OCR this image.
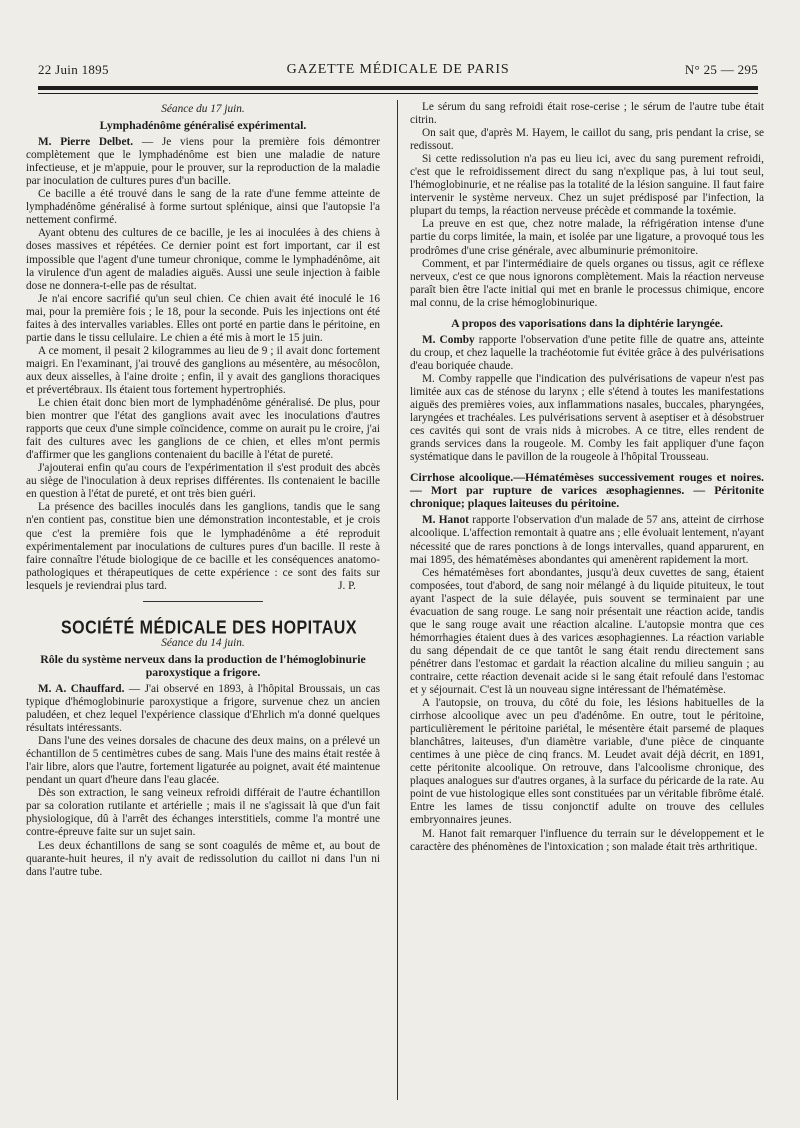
22 Juin 1895	GAZETTE MÉDICALE DE PARIS	N° 25 — 295

Séance du 17 juin.

Lymphadénôme généralisé expérimental.

M. Pierre Delbet. — Je viens pour la première fois démontrer complètement que le lymphadénôme est bien une maladie de nature infectieuse, et je m'appuie, pour le prouver, sur la reproduction de la maladie par inoculation de cultures pures d'un bacille.

Ce bacille a été trouvé dans le sang de la rate d'une femme atteinte de lymphadénôme généralisé à forme surtout splénique, ainsi que l'autopsie l'a nettement confirmé.

Ayant obtenu des cultures de ce bacille, je les ai inoculées à des chiens à doses massives et répétées. Ce dernier point est fort important, car il est impossible que l'agent d'une tumeur chronique, comme le lymphadénôme, ait la virulence d'un agent de maladies aiguës. Aussi une seule injection à faible dose ne donnera-t-elle pas de résultat.

Je n'ai encore sacrifié qu'un seul chien. Ce chien avait été inoculé le 16 mai, pour la première fois ; le 18, pour la seconde. Puis les injections ont été faites à des intervalles variables. Elles ont porté en partie dans le péritoine, en partie dans le tissu cellulaire. Le chien a été mis à mort le 15 juin.

A ce moment, il pesait 2 kilogrammes au lieu de 9 ; il avait donc fortement maigri. En l'examinant, j'ai trouvé des ganglions au mésentère, au mésocôlon, aux deux aisselles, à l'aine droite ; enfin, il y avait des ganglions thoraciques et prévertébraux. Ils étaient tous fortement hypertrophiés.

Le chien était donc bien mort de lymphadénôme généralisé. De plus, pour bien montrer que l'état des ganglions avait avec les inoculations d'autres rapports que ceux d'une simple coïncidence, comme on aurait pu le croire, j'ai fait des cultures avec les ganglions de ce chien, et elles m'ont permis d'affirmer que les ganglions contenaient du bacille à l'état de pureté.

J'ajouterai enfin qu'au cours de l'expérimentation il s'est produit des abcès au siège de l'inoculation à deux reprises différentes. Ils contenaient le bacille en question à l'état de pureté, et ont très bien guéri.

La présence des bacilles inoculés dans les ganglions, tandis que le sang n'en contient pas, constitue bien une démonstration incontestable, et je crois que c'est la première fois que le lymphadénôme a été reproduit expérimentalement par inoculations de cultures pures d'un bacille. Il reste à faire connaître l'étude biologique de ce bacille et les conséquences anatomo-pathologiques et thérapeutiques de cette expérience : ce sont des faits sur lesquels je reviendrai plus tard.	J. P.

SOCIÉTÉ MÉDICALE DES HOPITAUX

Séance du 14 juin.

Rôle du système nerveux dans la production de l'hémoglobinurie paroxystique a frigore.

M. A. Chauffard. — J'ai observé en 1893, à l'hôpital Broussais, un cas typique d'hémoglobinurie paroxystique a frigore, survenue chez un ancien paludéen, et chez lequel l'expérience classique d'Ehrlich m'a donné quelques résultats intéressants.

Dans l'une des veines dorsales de chacune des deux mains, on a prélevé un échantillon de 5 centimètres cubes de sang. Mais l'une des mains était restée à l'air libre, alors que l'autre, fortement ligaturée au poignet, avait été maintenue pendant un quart d'heure dans l'eau glacée.

Dès son extraction, le sang veineux refroidi différait de l'autre échantillon par sa coloration rutilante et artérielle ; mais il ne s'agissait là que d'un fait physiologique, dû à l'arrêt des échanges interstitiels, comme l'a montré une contre-épreuve faite sur un sujet sain.

Les deux échantillons de sang se sont coagulés de même et, au bout de quarante-huit heures, il n'y avait de redissolution du caillot ni dans l'un ni dans l'autre tube.

Le sérum du sang refroidi était rose-cerise ; le sérum de l'autre tube était citrin.

On sait que, d'après M. Hayem, le caillot du sang, pris pendant la crise, se redissout.

Si cette redissolution n'a pas eu lieu ici, avec du sang purement refroidi, c'est que le refroidissement direct du sang n'explique pas, à lui tout seul, l'hémoglobinurie, et ne réalise pas la totalité de la lésion sanguine. Il faut faire intervenir le système nerveux. Chez un sujet prédisposé par l'infection, la plupart du temps, la réaction nerveuse précède et commande la toxémie.

La preuve en est que, chez notre malade, la réfrigération intense d'une partie du corps limitée, la main, et isolée par une ligature, a provoqué tous les prodrômes d'une crise générale, avec albuminurie prémonitoire.

Comment, et par l'intermédiaire de quels organes ou tissus, agit ce réflexe nerveux, c'est ce que nous ignorons complètement. Mais la réaction nerveuse paraît bien être l'acte initial qui met en branle le processus chimique, encore mal connu, de la crise hémoglobinurique.

A propos des vaporisations dans la diphtérie laryngée.

M. Comby rapporte l'observation d'une petite fille de quatre ans, atteinte du croup, et chez laquelle la trachéotomie fut évitée grâce à des pulvérisations d'eau boriquée chaude.

M. Comby rappelle que l'indication des pulvérisations de vapeur n'est pas limitée aux cas de sténose du larynx ; elle s'étend à toutes les manifestations aiguës des premières voies, aux inflammations nasales, buccales, pharyngées, laryngées et trachéales. Les pulvérisations servent à aseptiser et à désobstruer ces cavités qui sont de vrais nids à microbes. A ce titre, elles rendent de grands services dans la rougeole. M. Comby les fait appliquer d'une façon systématique dans le pavillon de la rougeole à l'hôpital Trousseau.

Cirrhose alcoolique.—Hématémèses successivement rouges et noires.— Mort par rupture de varices æsophagiennes. — Péritonite chronique; plaques laiteuses du péritoine.

M. Hanot rapporte l'observation d'un malade de 57 ans, atteint de cirrhose alcoolique. L'affection remontait à quatre ans ; elle évoluait lentement, n'ayant nécessité que de rares ponctions à de longs intervalles, quand apparurent, en mai 1895, des hématémèses abondantes qui amenèrent rapidement la mort.

Ces hématémèses fort abondantes, jusqu'à deux cuvettes de sang, étaient composées, tout d'abord, de sang noir mélangé à du liquide pituiteux, le tout ayant l'aspect de la suie délayée, puis souvent se terminaient par une évacuation de sang rouge. Le sang noir présentait une réaction acide, tandis que le sang rouge avait une réaction alcaline. L'autopsie montra que ces hémorrhagies étaient dues à des varices æsophagiennes. La réaction variable du sang dépendait de ce que tantôt le sang était rendu directement sans pénétrer dans l'estomac et gardait la réaction alcaline du milieu sanguin ; au contraire, cette réaction devenait acide si le sang était refoulé dans l'estomac et y séjournait. C'est là un nouveau signe intéressant de l'hématémèse.

A l'autopsie, on trouva, du côté du foie, les lésions habituelles de la cirrhose alcoolique avec un peu d'adénôme. En outre, tout le péritoine, particulièrement le péritoine pariétal, le mésentère était parsemé de plaques blanchâtres, laiteuses, d'un diamètre variable, d'une pièce de cinquante centimes à une pièce de cinq francs. M. Leudet avait déjà décrit, en 1891, cette péritonite alcoolique. On retrouve, dans l'alcoolisme chronique, des plaques analogues sur d'autres organes, à la surface du péricarde de la rate. Au point de vue histologique elles sont constituées par un véritable fibrôme étalé. Entre les lames de tissu conjonctif adulte on trouve des cellules embryonnaires jeunes.

M. Hanot fait remarquer l'influence du terrain sur le développement et le caractère des phénomènes de l'intoxication ; son malade était très arthritique.
